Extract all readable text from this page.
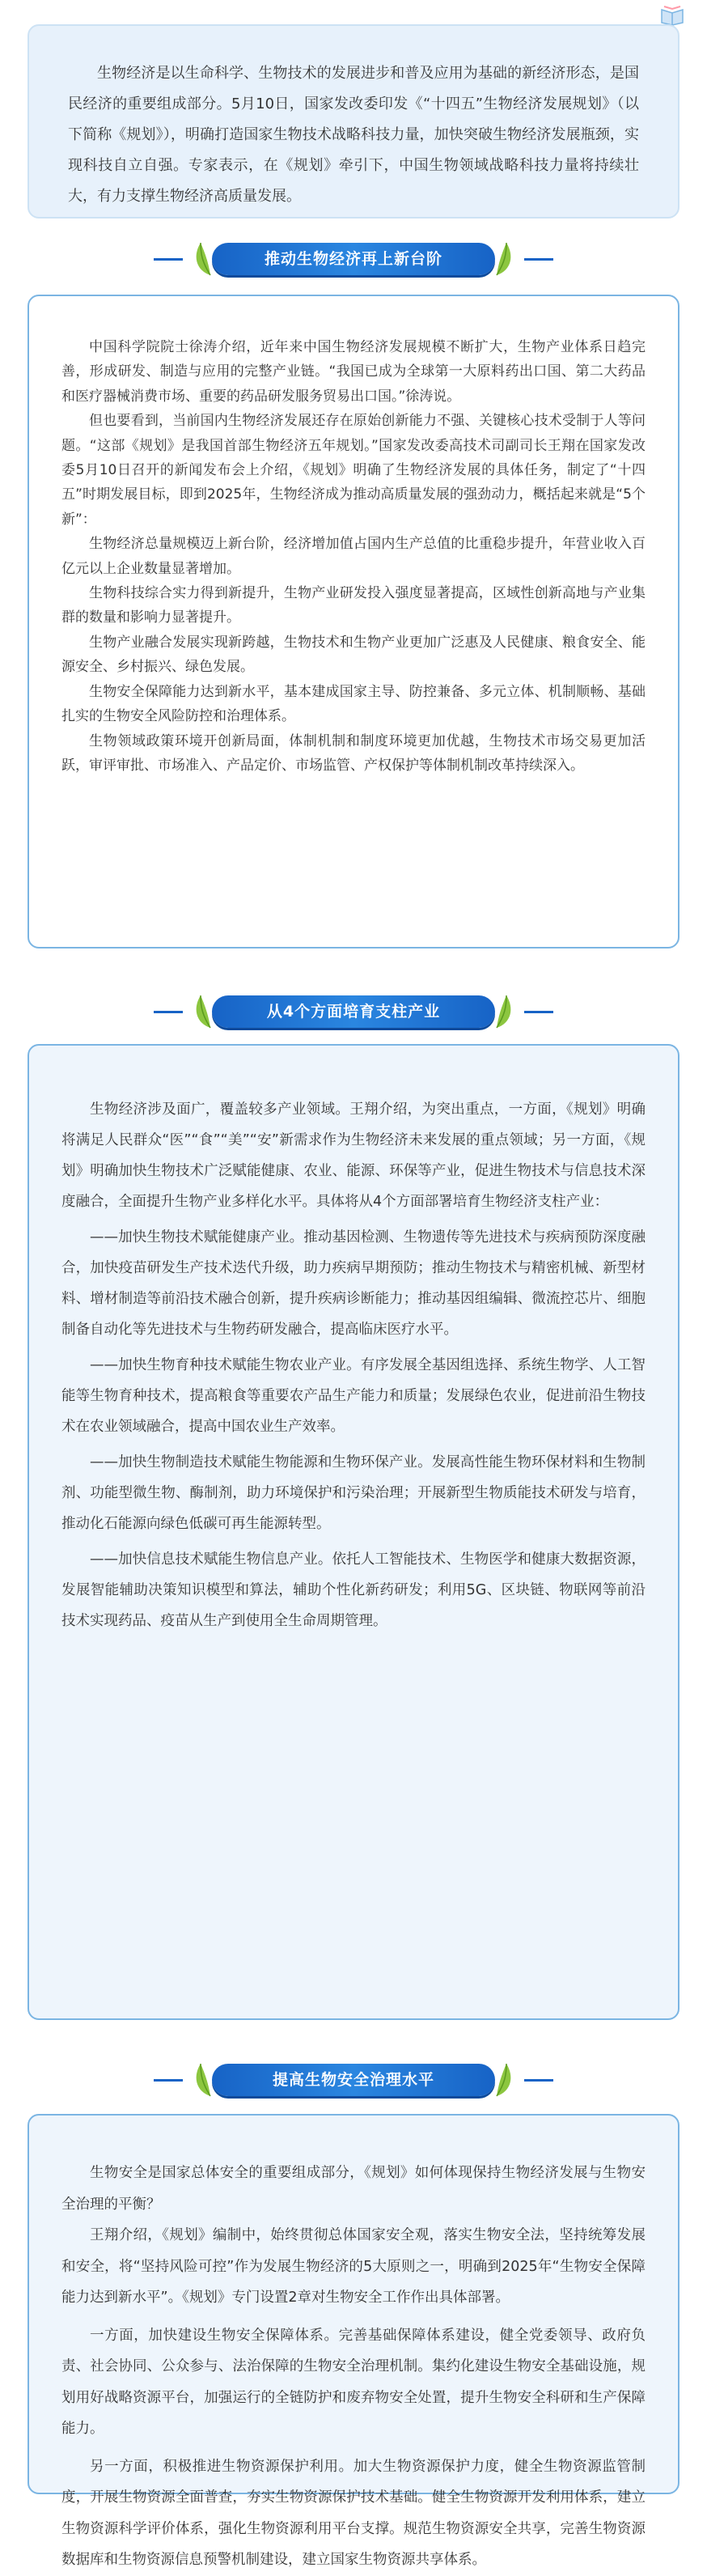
生物经济是以生命科学、生物技术的发展进步和普及应用为基础的新经济形态，是国民经济的重要组成部分。5月10日，国家发改委印发《“十四五”生物经济发展规划》（以下简称《规划》），明确打造国家生物技术战略科技力量，加快突破生物经济发展瓶颈，实现科技自立自强。专家表示，在《规划》牵引下，中国生物领域战略科技力量将持续壮大，有力支撑生物经济高质量发展。

推动生物经济再上新台阶

中国科学院院士徐涛介绍，近年来中国生物经济发展规模不断扩大，生物产业体系日趋完善，形成研发、制造与应用的完整产业链。“我国已成为全球第一大原料药出口国、第二大药品和医疗器械消费市场、重要的药品研发服务贸易出口国。”徐涛说。

但也要看到，当前国内生物经济发展还存在原始创新能力不强、关键核心技术受制于人等问题。“这部《规划》是我国首部生物经济五年规划。”国家发改委高技术司副司长王翔在国家发改委5月10日召开的新闻发布会上介绍，《规划》明确了生物经济发展的具体任务，制定了“十四五”时期发展目标，即到2025年，生物经济成为推动高质量发展的强劲动力，概括起来就是“5个新”：

生物经济总量规模迈上新台阶，经济增加值占国内生产总值的比重稳步提升，年营业收入百亿元以上企业数量显著增加。

生物科技综合实力得到新提升，生物产业研发投入强度显著提高，区域性创新高地与产业集群的数量和影响力显著提升。

生物产业融合发展实现新跨越，生物技术和生物产业更加广泛惠及人民健康、粮食安全、能源安全、乡村振兴、绿色发展。

生物安全保障能力达到新水平，基本建成国家主导、防控兼备、多元立体、机制顺畅、基础扎实的生物安全风险防控和治理体系。

生物领域政策环境开创新局面，体制机制和制度环境更加优越，生物技术市场交易更加活跃，审评审批、市场准入、产品定价、市场监管、产权保护等体制机制改革持续深入。

从4个方面培育支柱产业

生物经济涉及面广，覆盖较多产业领域。王翔介绍，为突出重点，一方面，《规划》明确将满足人民群众“医”“食”“美”“安”新需求作为生物经济未来发展的重点领域；另一方面，《规划》明确加快生物技术广泛赋能健康、农业、能源、环保等产业，促进生物技术与信息技术深度融合，全面提升生物产业多样化水平。具体将从4个方面部署培育生物经济支柱产业：

——加快生物技术赋能健康产业。推动基因检测、生物遗传等先进技术与疾病预防深度融合，加快疫苗研发生产技术迭代升级，助力疾病早期预防；推动生物技术与精密机械、新型材料、增材制造等前沿技术融合创新，提升疾病诊断能力；推动基因组编辑、微流控芯片、细胞制备自动化等先进技术与生物药研发融合，提高临床医疗水平。

——加快生物育种技术赋能生物农业产业。有序发展全基因组选择、系统生物学、人工智能等生物育种技术，提高粮食等重要农产品生产能力和质量；发展绿色农业，促进前沿生物技术在农业领域融合，提高中国农业生产效率。

——加快生物制造技术赋能生物能源和生物环保产业。发展高性能生物环保材料和生物制剂、功能型微生物、酶制剂，助力环境保护和污染治理；开展新型生物质能技术研发与培育，推动化石能源向绿色低碳可再生能源转型。

——加快信息技术赋能生物信息产业。依托人工智能技术、生物医学和健康大数据资源，发展智能辅助决策知识模型和算法，辅助个性化新药研发；利用5G、区块链、物联网等前沿技术实现药品、疫苗从生产到使用全生命周期管理。

提高生物安全治理水平

生物安全是国家总体安全的重要组成部分，《规划》如何体现保持生物经济发展与生物安全治理的平衡？

王翔介绍，《规划》编制中，始终贯彻总体国家安全观，落实生物安全法，坚持统筹发展和安全，将“坚持风险可控”作为发展生物经济的5大原则之一，明确到2025年“生物安全保障能力达到新水平”。《规划》专门设置2章对生物安全工作作出具体部署。

一方面，加快建设生物安全保障体系。完善基础保障体系建设，健全党委领导、政府负责、社会协同、公众参与、法治保障的生物安全治理机制。集约化建设生物安全基础设施，规划用好战略资源平台，加强运行的全链防护和废弃物安全处置，提升生物安全科研和生产保障能力。

另一方面，积极推进生物资源保护利用。加大生物资源保护力度，健全生物资源监管制度，开展生物资源全面普查，夯实生物资源保护技术基础。健全生物资源开发利用体系，建立生物资源科学评价体系，强化生物资源利用平台支撑。规范生物资源安全共享，完善生物资源数据库和生物资源信息预警机制建设，建立国家生物资源共享体系。
